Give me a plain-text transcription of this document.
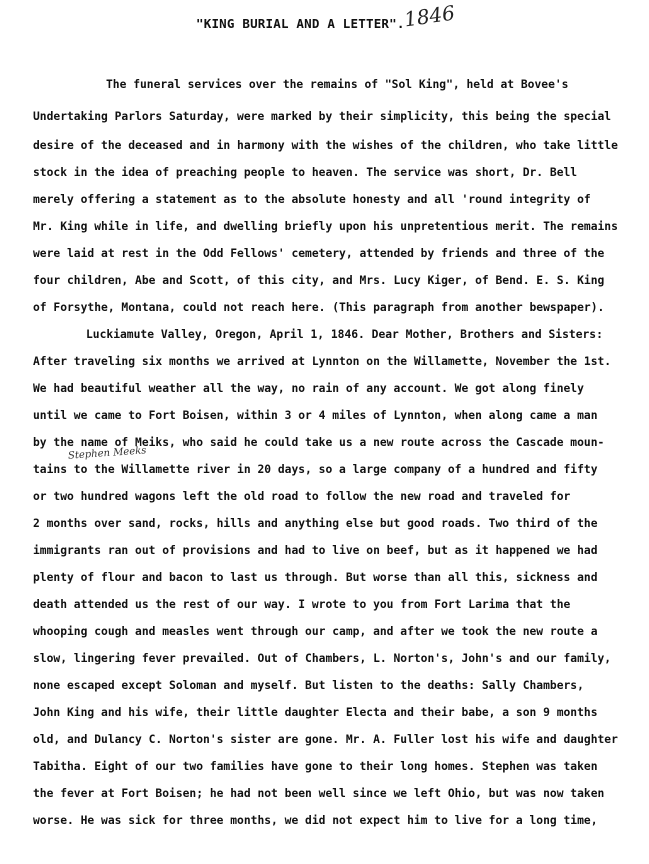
"KING BURIAL AND A LETTER".
1846
Stephen Meeks
The funeral services over the remains of "Sol King", held at Bovee's
Undertaking Parlors Saturday, were marked by their simplicity, this being the special
desire of the deceased and in harmony with the wishes of the children, who take little
stock in the idea of preaching people to heaven. The service was short, Dr. Bell
merely offering a statement as to the absolute honesty and all 'round integrity of
Mr. King while in life, and dwelling briefly upon his unpretentious merit. The remains
were laid at rest in the Odd Fellows' cemetery, attended by friends and three of the
four children, Abe and Scott, of this city, and Mrs. Lucy Kiger, of Bend. E. S. King
of Forsythe, Montana, could not reach here. (This paragraph from another bewspaper).
Luckiamute Valley, Oregon, April 1, 1846. Dear Mother, Brothers and Sisters:
After traveling six months we arrived at Lynnton on the Willamette, November the 1st.
We had beautiful weather all the way, no rain of any account. We got along finely
until we came to Fort Boisen, within 3 or 4 miles of Lynnton, when along came a man
by the name of Meiks, who said he could take us a new route across the Cascade moun-
tains to the Willamette river in 20 days, so a large company of a hundred and fifty
or two hundred wagons left the old road to follow the new road and traveled for
2 months over sand, rocks, hills and anything else but good roads. Two third of the
immigrants ran out of provisions and had to live on beef, but as it happened we had
plenty of flour and bacon to last us through. But worse than all this, sickness and
death attended us the rest of our way. I wrote to you from Fort Larima that the
whooping cough and measles went through our camp, and after we took the new route a
slow, lingering fever prevailed. Out of Chambers, L. Norton's, John's and our family,
none escaped except Soloman and myself. But listen to the deaths: Sally Chambers,
John King and his wife, their little daughter Electa and their babe, a son 9 months
old, and Dulancy C. Norton's sister are gone. Mr. A. Fuller lost his wife and daughter
Tabitha. Eight of our two families have gone to their long homes. Stephen was taken
the fever at Fort Boisen; he had not been well since we left Ohio, but was now taken
worse. He was sick for three months, we did not expect him to live for a long time,
